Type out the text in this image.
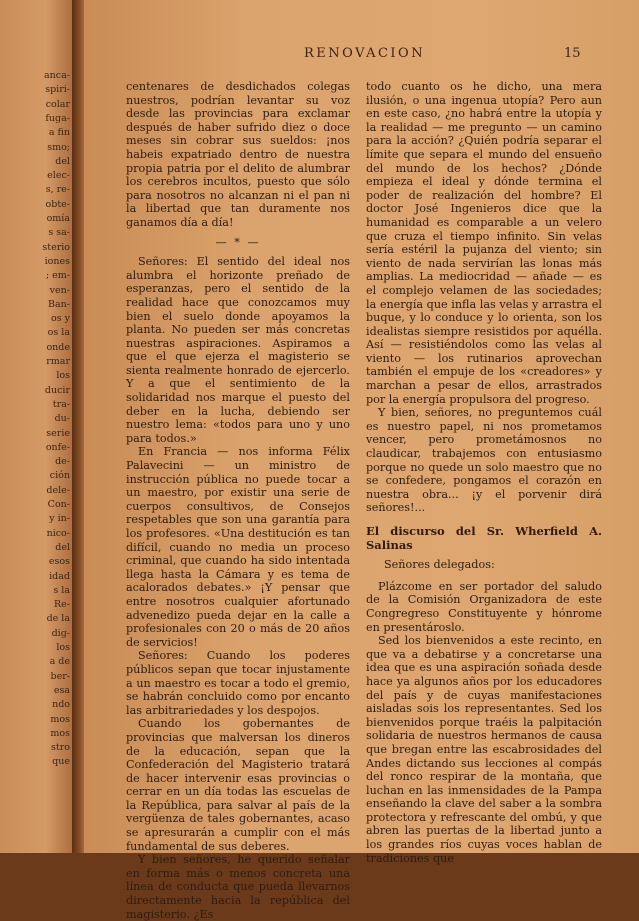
anca-
spiri-
colar
fuga-
a fin
smo;
del
elec-
s, re-
obte-
omía
s sa-
sterio
iones
; em-
ven-
Ban-
os y
os la
onde
rmar
los
ducir
tra-
du-
serie
onfe-
de-
ción
dele-
Con-
y in-
nico-
del
esos
idad
s la
Re-
de la
dig-
los
a de
ber-
esa
ndo
mos
mos
stro
que
RENOVACION	15

centenares de desdichados colegas nuestros, podrían levantar su voz desde las provincias para exclamar después de haber sufrido diez o doce meses sin cobrar sus sueldos: ¡nos habeis expatriado dentro de nuestra propia patria por el delito de alumbrar los cerebros incultos, puesto que sólo para nosotros no alcanzan ni el pan ni la libertad que tan duramente nos ganamos día a día!

— * —

Señores: El sentido del ideal nos alumbra el horizonte preñado de esperanzas, pero el sentido de la realidad hace que conozcamos muy bien el suelo donde apoyamos la planta. No pueden ser más concretas nuestras aspiraciones. Aspiramos a que el que ejerza el magisterio se sienta realmente honrado de ejercerlo. Y a que el sentimiento de la solidaridad nos marque el puesto del deber en la lucha, debiendo ser nuestro lema: «todos para uno y uno para todos.»

En Francia — nos informa Félix Palavecini — un ministro de instrucción pública no puede tocar a un maestro, por existir una serie de cuerpos consultivos, de Consejos respetables que son una garantía para los profesores. «Una destitución es tan difícil, cuando no media un proceso criminal, que cuando ha sido intentada llega hasta la Cámara y es tema de acalorados debates.» ¡Y pensar que entre nosotros cualquier afortunado advenedizo pueda dejar en la calle a profesionales con 20 o más de 20 años de servicios!

Señores: Cuando los poderes públicos sepan que tocar injustamente a un maestro es tocar a todo el gremio, se habrán concluido como por encanto las arbitrariedades y los despojos.

Cuando los gobernantes de provincias que malversan los dineros de la educación, sepan que la Confederación del Magisterio tratará de hacer intervenir esas provincias o cerrar en un día todas las escuelas de la República, para salvar al país de la vergüenza de tales gobernantes, acaso se apresurarán a cumplir con el más fundamental de sus deberes.

Y bien señores, he querido señalar en forma más o menos concreta una línea de conducta que pueda llevarnos directamente hacia la república del magisterio. ¿Es

todo cuanto os he dicho, una mera ilusión, o una ingenua utopía? Pero aun en este caso, ¿no habrá entre la utopía y la realidad — me pregunto — un camino para la acción? ¿Quién podría separar el límite que separa el mundo del ensueño del mundo de los hechos? ¿Dónde empieza el ideal y dónde termina el poder de realización del hombre? El doctor José Ingenieros dice que la humanidad es comparable a un velero que cruza el tiempo infinito. Sin velas sería estéril la pujanza del viento; sin viento de nada servirían las lonas más amplias. La mediocridad — añade — es el complejo velamen de las sociedades; la energía que infla las velas y arrastra el buque, y lo conduce y lo orienta, son los idealistas siempre resistidos por aquélla. Así — resistiéndolos como las velas al viento — los rutinarios aprovechan también el empuje de los «creadores» y marchan a pesar de ellos, arrastrados por la energía propulsora del progreso.

Y bien, señores, no preguntemos cuál es nuestro papel, ni nos prometamos vencer, pero prometámosnos no claudicar, trabajemos con entusiasmo porque no quede un solo maestro que no se confedere, pongamos el corazón en nuestra obra... ¡y el porvenir dirá señores!...

El discurso del Sr. Wherfield A. Salinas

Señores delegados:

Plázcome en ser portador del saludo de la Comisión Organizadora de este Congregreso Constituyente y hónrome en presentároslo.

Sed los bienvenidos a este recinto, en que va a debatirse y a concretarse una idea que es una aspiración soñada desde hace ya algunos años por los educadores del país y de cuyas manifestaciones aisladas sois los representantes. Sed los bienvenidos porque traéis la palpitación solidaria de nuestros hermanos de causa que bregan entre las escabrosidades del Andes dictando sus lecciones al compás del ronco respirar de la montaña, que luchan en las inmensidades de la Pampa enseñando la clave del saber a la sombra protectora y refrescante del ombú, y que abren las puertas de la libertad junto a los grandes ríos cuyas voces hablan de tradiciones que
